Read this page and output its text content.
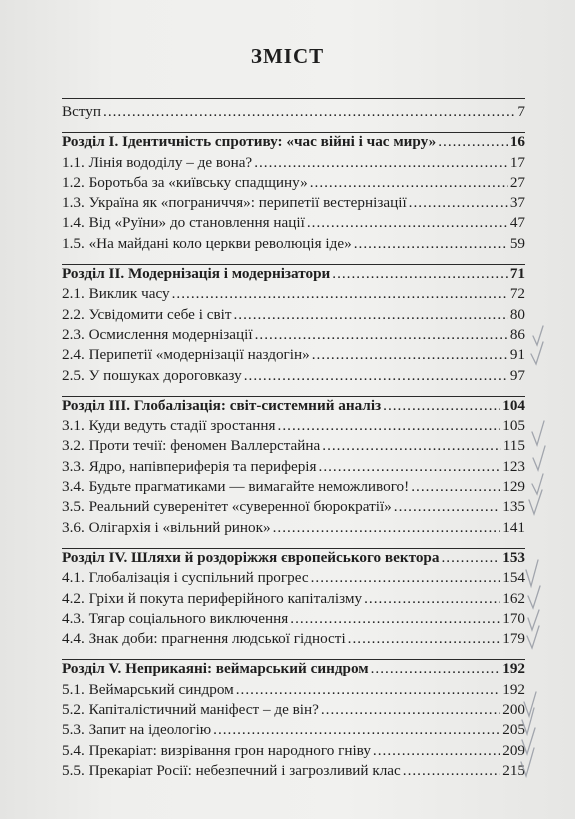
ЗМІСТ
Вступ .....	7
Розділ І. Ідентичність спротиву: «час війні і час миру» .....	16
1.1. Лінія вододілу – де вона? .....	17
1.2. Боротьба за «київську спадщину» .....	27
1.3. Україна як «пограниччя»: перипетії вестернізації .....	37
1.4. Від «Руїни» до становлення нації .....	47
1.5. «На майдані коло церкви революція іде» .....	59
Розділ ІІ. Модернізація і модернізатори .....	71
2.1. Виклик часу .....	72
2.2. Усвідомити себе і світ .....	80
2.3. Осмислення модернізації .....	86
2.4. Перипетії «модернізації наздогін» .....	91
2.5. У пошуках дороговказу .....	97
Розділ ІІІ. Глобалізація: світ-системний аналіз .....	104
3.1. Куди ведуть стадії зростання .....	105
3.2. Проти течії: феномен Валлерстайна .....	115
3.3. Ядро, напівпериферія та периферія .....	123
3.4. Будьте прагматиками — вимагайте неможливого! .....	129
3.5. Реальний суверенітет «суверенної бюрократії» .....	135
3.6. Олігархія і «вільний ринок» .....	141
Розділ IV. Шляхи й роздоріжжя європейського вектора .....	153
4.1. Глобалізація і суспільний прогрес .....	154
4.2. Гріхи й покута периферійного капіталізму .....	162
4.3. Тягар соціального виключення .....	170
4.4. Знак доби: прагнення людської гідності .....	179
Розділ V. Неприкаяні: веймарський синдром .....	192
5.1. Веймарський синдром .....	192
5.2. Капіталістичний маніфест – де він? .....	200
5.3. Запит на ідеологію .....	205
5.4. Прекаріат: визрівання грон народного гніву .....	209
5.5. Прекаріат Росії: небезпечний і загрозливий клас .....	215
